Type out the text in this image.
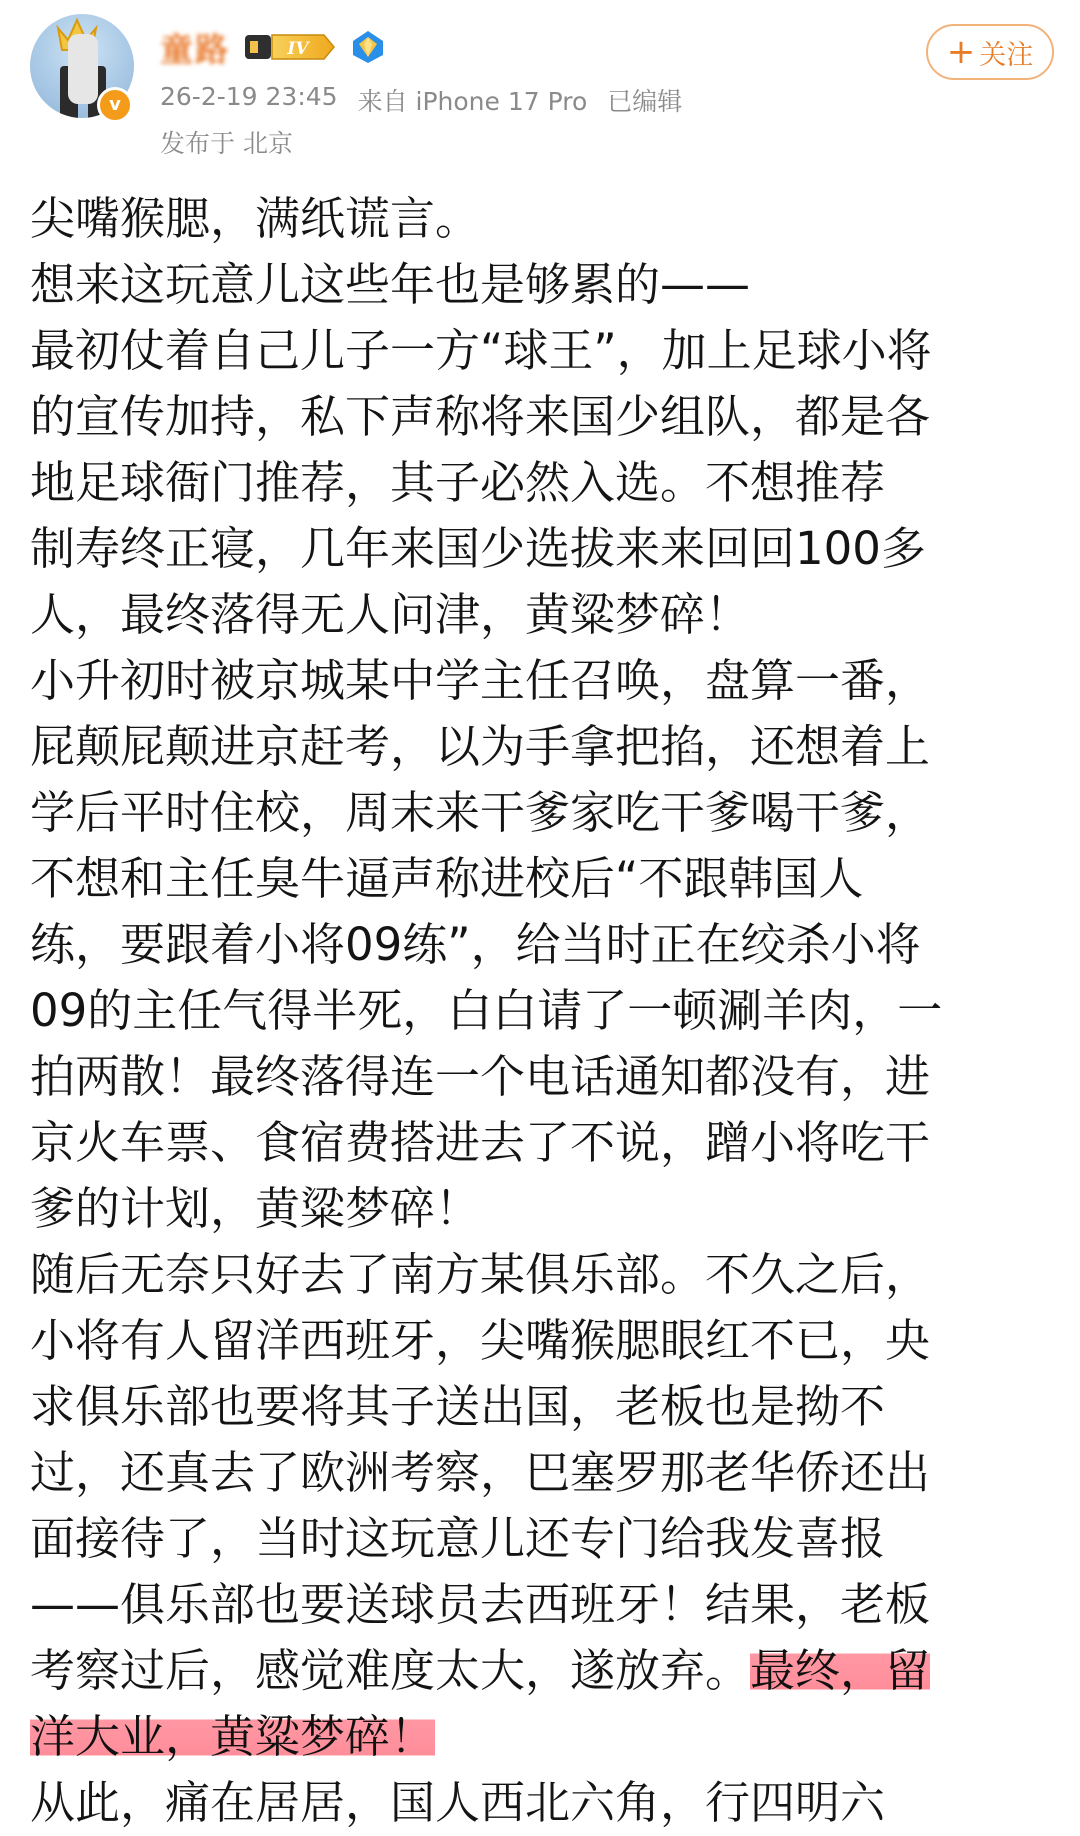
v
童路	IV
26-2-19 23:45 来自 iPhone 17 Pro 已编辑
发布于 北京
+ 关注
尖嘴猴腮，满纸谎言。
想来这玩意儿这些年也是够累的——
最初仗着自己儿子一方“球王”，加上足球小将
的宣传加持，私下声称将来国少组队，都是各
地足球衙门推荐，其子必然入选。不想推荐
制寿终正寝，几年来国少选拔来来回回100多
人，最终落得无人问津，黄粱梦碎！
小升初时被京城某中学主任召唤，盘算一番，
屁颠屁颠进京赶考，以为手拿把掐，还想着上
学后平时住校，周末来干爹家吃干爹喝干爹，
不想和主任臭牛逼声称进校后“不跟韩国人
练，要跟着小将09练”，给当时正在绞杀小将
09的主任气得半死，白白请了一顿涮羊肉，一
拍两散！最终落得连一个电话通知都没有，进
京火车票、食宿费搭进去了不说，蹭小将吃干
爹的计划，黄粱梦碎！
随后无奈只好去了南方某俱乐部。不久之后，
小将有人留洋西班牙，尖嘴猴腮眼红不已，央
求俱乐部也要将其子送出国，老板也是拗不
过，还真去了欧洲考察，巴塞罗那老华侨还出
面接待了，当时这玩意儿还专门给我发喜报
——俱乐部也要送球员去西班牙！结果，老板
考察过后，感觉难度太大，遂放弃。最终，留
洋大业，黄粱梦碎！
从此，痛在居居，国人西北六角，行四明六
